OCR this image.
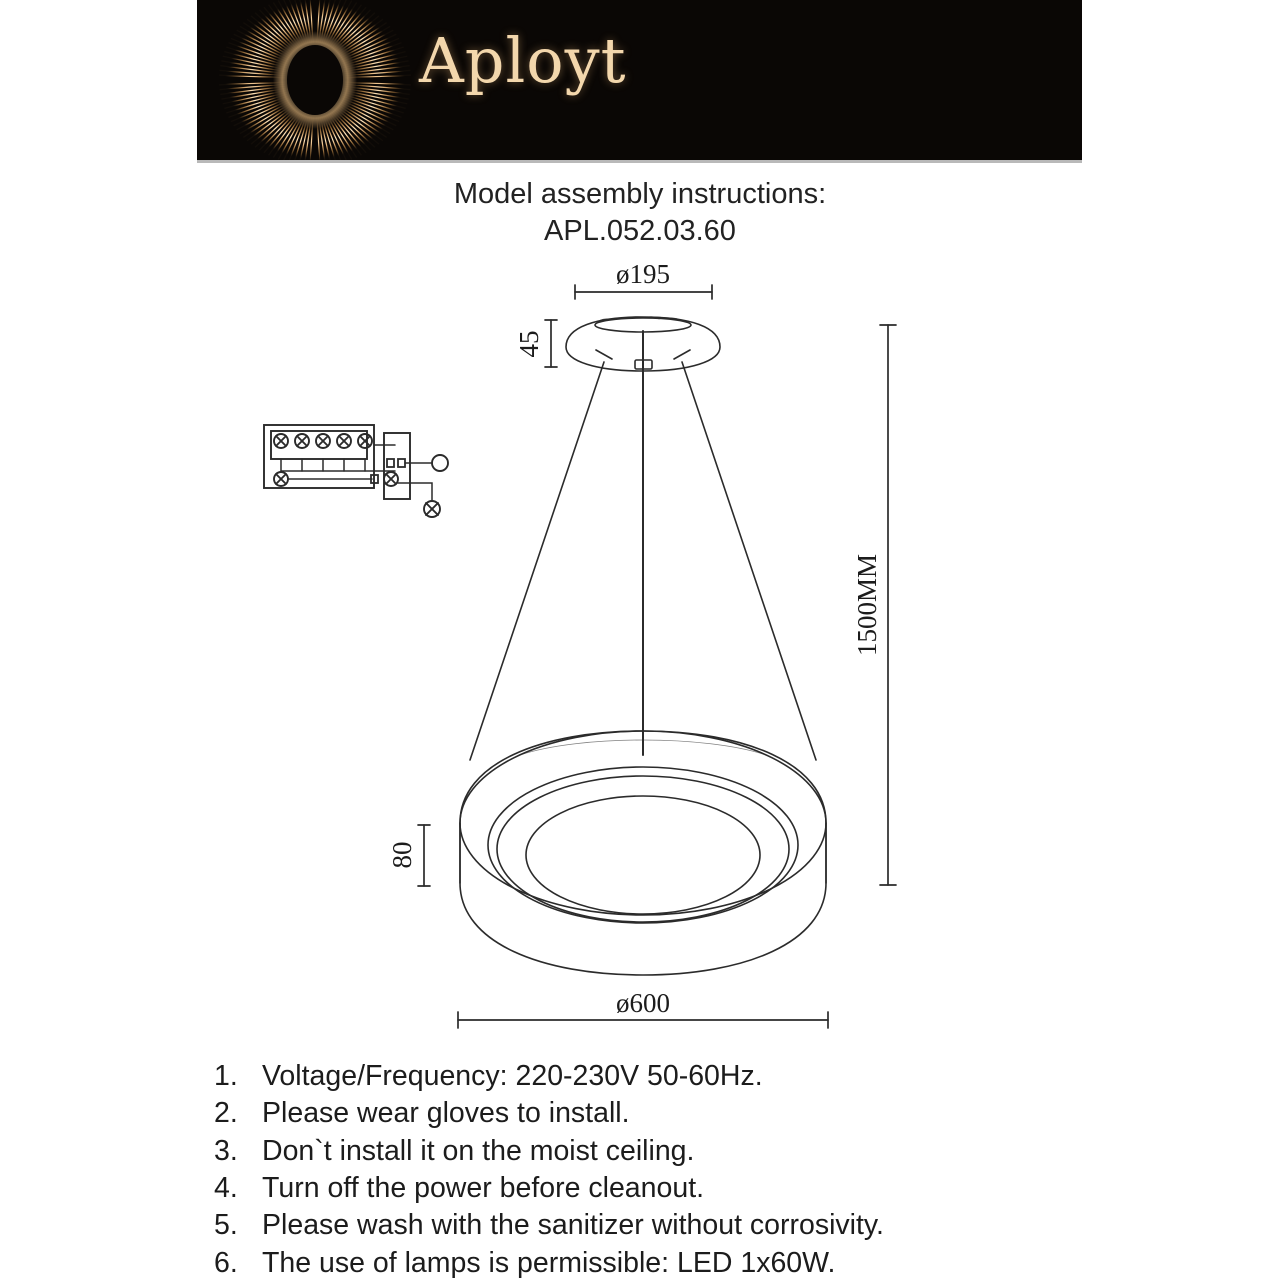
Aployt
Model assembly instructions:
APL.052.03.60
ø195
45
1500MM
80
ø600
1. Voltage/Frequency: 220-230V 50-60Hz.
2. Please wear gloves to install.
3. Don`t install it on the moist ceiling.
4. Turn off the power before cleanout.
5. Please wash with the sanitizer without corrosivity.
6. The use of lamps is permissible: LED 1x60W.
